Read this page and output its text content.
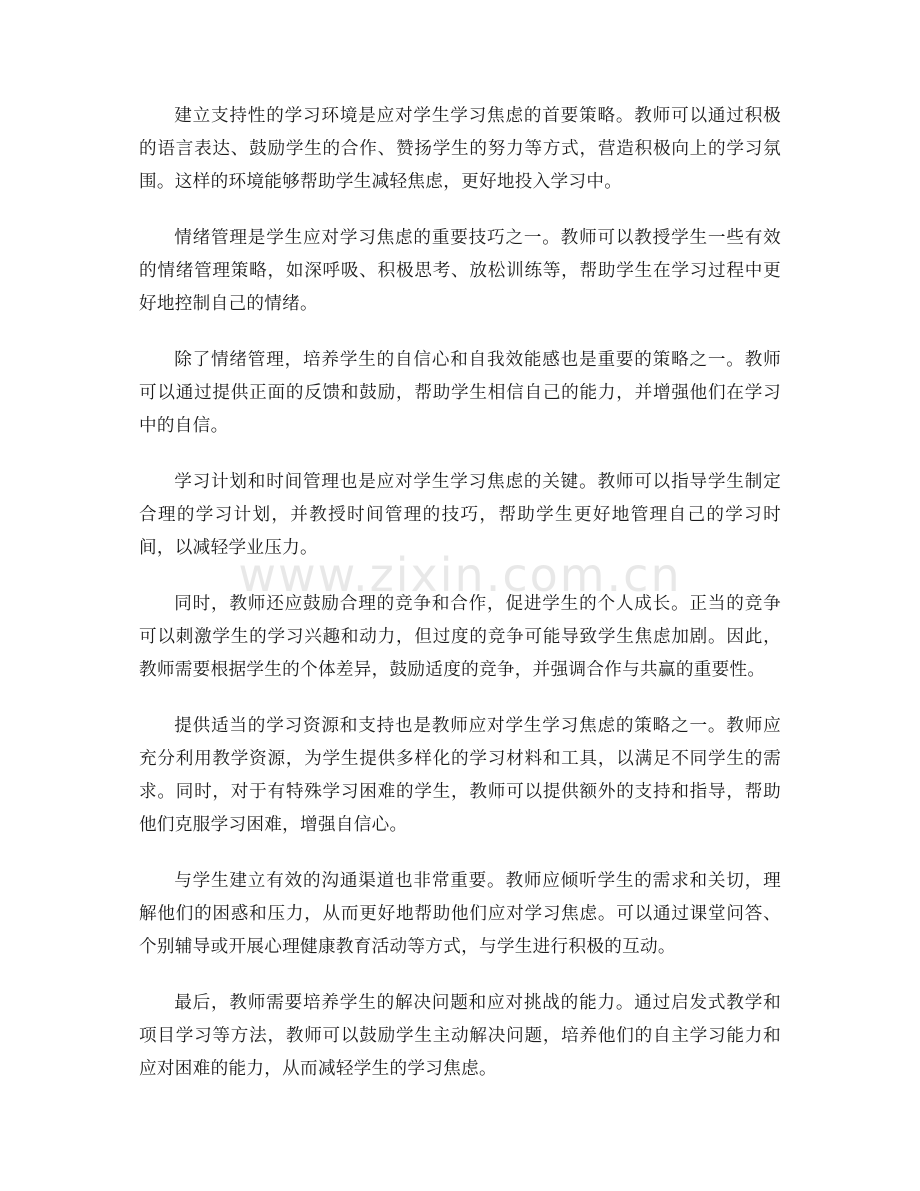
www.zixin.com.cn

建立支持性的学习环境是应对学生学习焦虑的首要策略。教师可以通过积极的语言表达、鼓励学生的合作、赞扬学生的努力等方式，营造积极向上的学习氛围。这样的环境能够帮助学生减轻焦虑，更好地投入学习中。

情绪管理是学生应对学习焦虑的重要技巧之一。教师可以教授学生一些有效的情绪管理策略，如深呼吸、积极思考、放松训练等，帮助学生在学习过程中更好地控制自己的情绪。

除了情绪管理，培养学生的自信心和自我效能感也是重要的策略之一。教师可以通过提供正面的反馈和鼓励，帮助学生相信自己的能力，并增强他们在学习中的自信。

学习计划和时间管理也是应对学生学习焦虑的关键。教师可以指导学生制定合理的学习计划，并教授时间管理的技巧，帮助学生更好地管理自己的学习时间，以减轻学业压力。

同时，教师还应鼓励合理的竞争和合作，促进学生的个人成长。正当的竞争可以刺激学生的学习兴趣和动力，但过度的竞争可能导致学生焦虑加剧。因此，教师需要根据学生的个体差异，鼓励适度的竞争，并强调合作与共赢的重要性。

提供适当的学习资源和支持也是教师应对学生学习焦虑的策略之一。教师应充分利用教学资源，为学生提供多样化的学习材料和工具，以满足不同学生的需求。同时，对于有特殊学习困难的学生，教师可以提供额外的支持和指导，帮助他们克服学习困难，增强自信心。

与学生建立有效的沟通渠道也非常重要。教师应倾听学生的需求和关切，理解他们的困惑和压力，从而更好地帮助他们应对学习焦虑。可以通过课堂问答、个别辅导或开展心理健康教育活动等方式，与学生进行积极的互动。

最后，教师需要培养学生的解决问题和应对挑战的能力。通过启发式教学和项目学习等方法，教师可以鼓励学生主动解决问题，培养他们的自主学习能力和应对困难的能力，从而减轻学生的学习焦虑。
